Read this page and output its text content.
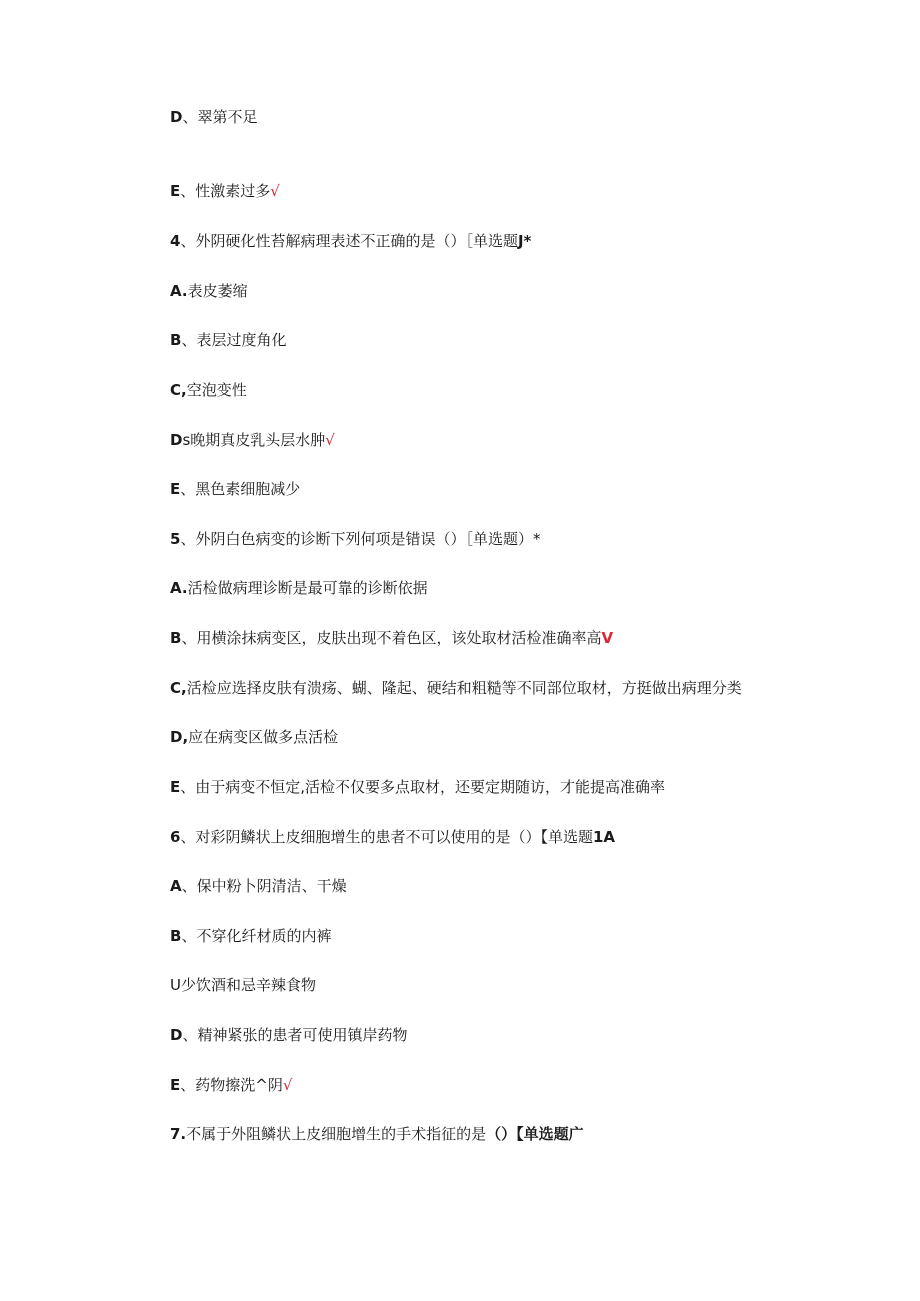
D、翠第不足
E、性激素过多√
4、外阴硬化性苔解病理表述不正确的是（）［单选题J*
A.表皮萎缩
B、表层过度角化
C,空泡变性
Ds晚期真皮乳头层水肿√
E、黑色素细胞减少
5、外阴白色病变的诊断下列何项是错误（）［单选题）*
A.活检做病理诊断是最可靠的诊断依据
B、用横涂抹病变区，皮肤出现不着色区，该处取材活检准确率高V
C,活检应选择皮肤有溃疡、蝴、隆起、硬结和粗糙等不同部位取材，方挺做出病理分类
D,应在病变区做多点活检
E、由于病变不恒定,活检不仅要多点取材，还要定期随访，才能提高准确率
6、对彩阴鳞状上皮细胞增生的患者不可以使用的是（）【单选题1A
A、保中粉卜阴清洁、干燥
B、不穿化纤材质的内裤
U少饮酒和忌辛辣食物
D、精神紧张的患者可使用镇岸药物
E、药物擦洗^阴√
7.不属于外阻鳞状上皮细胞增生的手术指征的是（）【单选题广
